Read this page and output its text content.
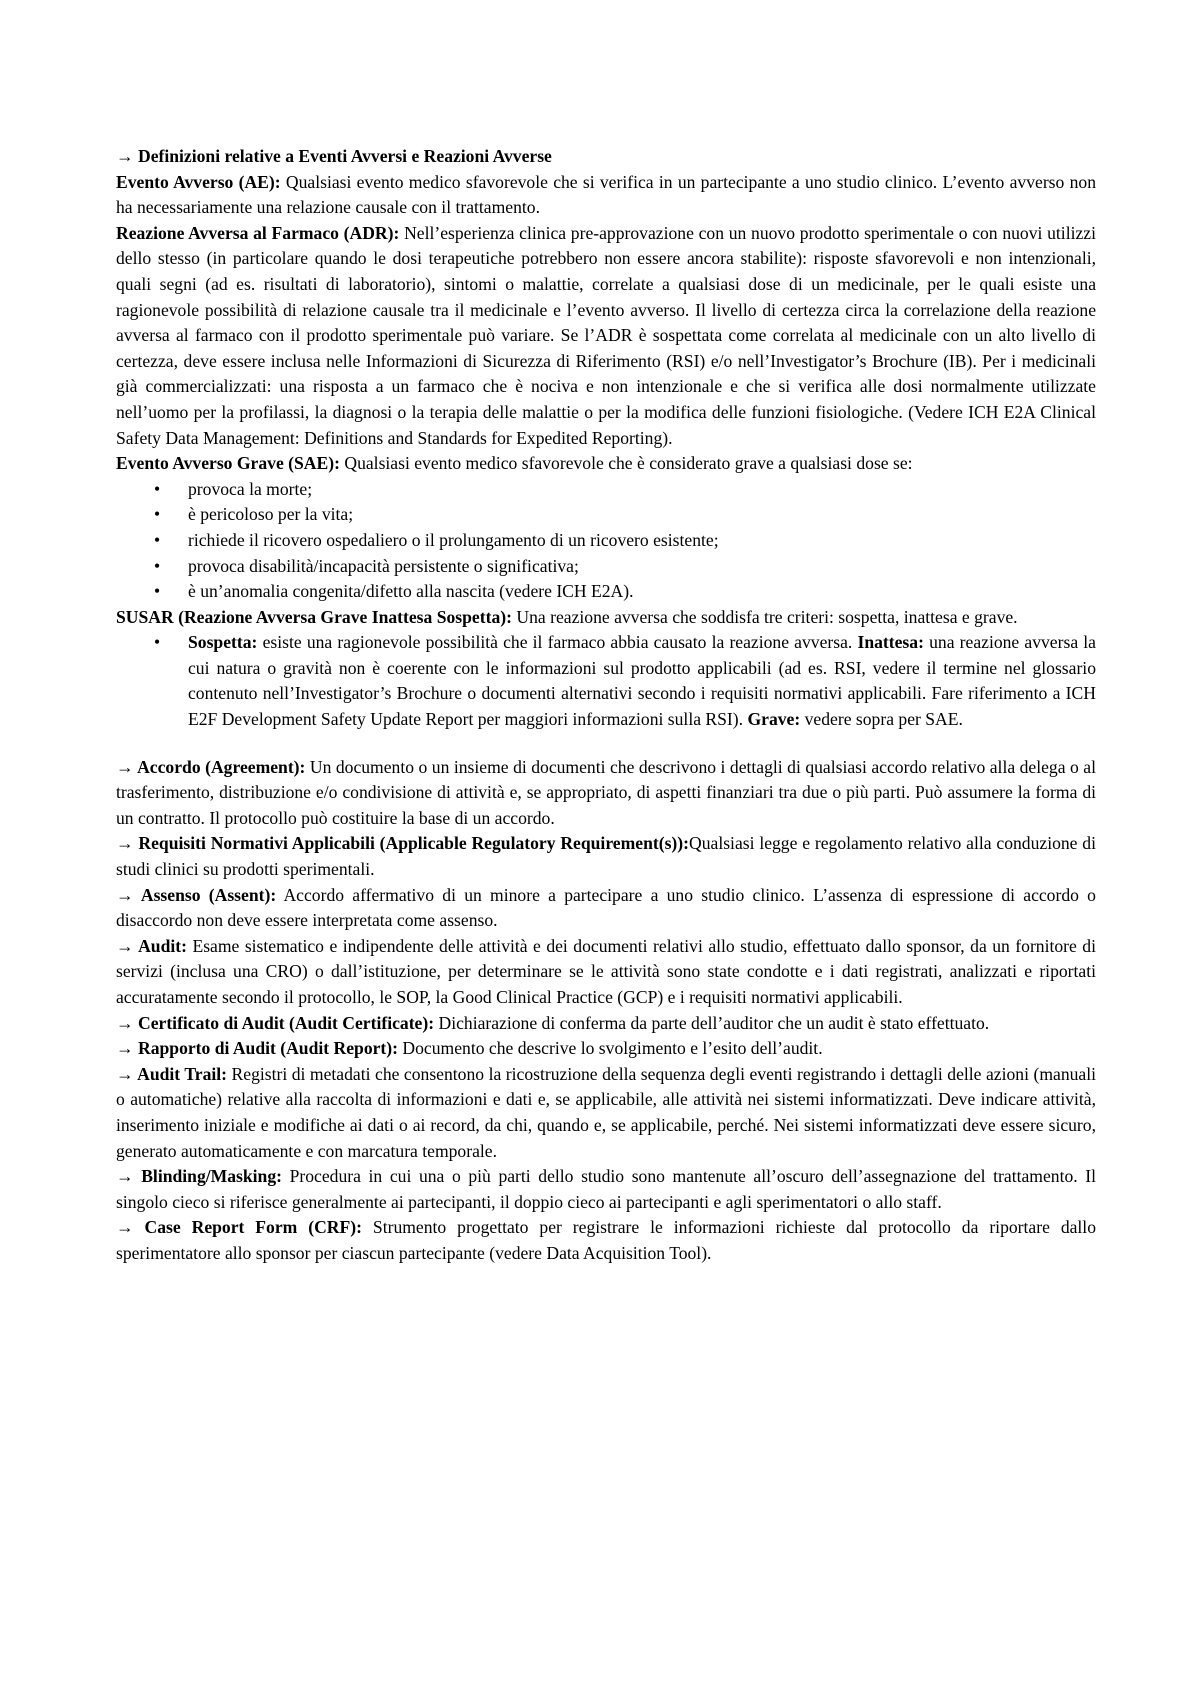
→ Definizioni relative a Eventi Avversi e Reazioni Avverse

Evento Avverso (AE): Qualsiasi evento medico sfavorevole che si verifica in un partecipante a uno studio clinico. L’evento avverso non ha necessariamente una relazione causale con il trattamento.

Reazione Avversa al Farmaco (ADR): Nell’esperienza clinica pre-approvazione con un nuovo prodotto sperimentale o con nuovi utilizzi dello stesso (in particolare quando le dosi terapeutiche potrebbero non essere ancora stabilite): risposte sfavorevoli e non intenzionali, quali segni (ad es. risultati di laboratorio), sintomi o malattie, correlate a qualsiasi dose di un medicinale, per le quali esiste una ragionevole possibilità di relazione causale tra il medicinale e l’evento avverso. Il livello di certezza circa la correlazione della reazione avversa al farmaco con il prodotto sperimentale può variare. Se l’ADR è sospettata come correlata al medicinale con un alto livello di certezza, deve essere inclusa nelle Informazioni di Sicurezza di Riferimento (RSI) e/o nell’Investigator’s Brochure (IB). Per i medicinali già commercializzati: una risposta a un farmaco che è nociva e non intenzionale e che si verifica alle dosi normalmente utilizzate nell’uomo per la profilassi, la diagnosi o la terapia delle malattie o per la modifica delle funzioni fisiologiche. (Vedere ICH E2A Clinical Safety Data Management: Definitions and Standards for Expedited Reporting).

Evento Avverso Grave (SAE): Qualsiasi evento medico sfavorevole che è considerato grave a qualsiasi dose se:

• provoca la morte;
• è pericoloso per la vita;
• richiede il ricovero ospedaliero o il prolungamento di un ricovero esistente;
• provoca disabilità/incapacità persistente o significativa;
• è un’anomalia congenita/difetto alla nascita (vedere ICH E2A).

SUSAR (Reazione Avversa Grave Inattesa Sospetta): Una reazione avversa che soddisfa tre criteri: sospetta, inattesa e grave.

• Sospetta: esiste una ragionevole possibilità che il farmaco abbia causato la reazione avversa. Inattesa: una reazione avversa la cui natura o gravità non è coerente con le informazioni sul prodotto applicabili (ad es. RSI, vedere il termine nel glossario contenuto nell’Investigator’s Brochure o documenti alternativi secondo i requisiti normativi applicabili. Fare riferimento a ICH E2F Development Safety Update Report per maggiori informazioni sulla RSI). Grave: vedere sopra per SAE.

→ Accordo (Agreement): Un documento o un insieme di documenti che descrivono i dettagli di qualsiasi accordo relativo alla delega o al trasferimento, distribuzione e/o condivisione di attività e, se appropriato, di aspetti finanziari tra due o più parti. Può assumere la forma di un contratto. Il protocollo può costituire la base di un accordo.

→ Requisiti Normativi Applicabili (Applicable Regulatory Requirement(s)):Qualsiasi legge e regolamento relativo alla conduzione di studi clinici su prodotti sperimentali.

→ Assenso (Assent): Accordo affermativo di un minore a partecipare a uno studio clinico. L’assenza di espressione di accordo o disaccordo non deve essere interpretata come assenso.

→ Audit: Esame sistematico e indipendente delle attività e dei documenti relativi allo studio, effettuato dallo sponsor, da un fornitore di servizi (inclusa una CRO) o dall’istituzione, per determinare se le attività sono state condotte e i dati registrati, analizzati e riportati accuratamente secondo il protocollo, le SOP, la Good Clinical Practice (GCP) e i requisiti normativi applicabili.

→ Certificato di Audit (Audit Certificate): Dichiarazione di conferma da parte dell’auditor che un audit è stato effettuato.

→ Rapporto di Audit (Audit Report): Documento che descrive lo svolgimento e l’esito dell’audit.

→ Audit Trail: Registri di metadati che consentono la ricostruzione della sequenza degli eventi registrando i dettagli delle azioni (manuali o automatiche) relative alla raccolta di informazioni e dati e, se applicabile, alle attività nei sistemi informatizzati. Deve indicare attività, inserimento iniziale e modifiche ai dati o ai record, da chi, quando e, se applicabile, perché. Nei sistemi informatizzati deve essere sicuro, generato automaticamente e con marcatura temporale.

→ Blinding/Masking: Procedura in cui una o più parti dello studio sono mantenute all’oscuro dell’assegnazione del trattamento. Il singolo cieco si riferisce generalmente ai partecipanti, il doppio cieco ai partecipanti e agli sperimentatori o allo staff.

→ Case Report Form (CRF): Strumento progettato per registrare le informazioni richieste dal protocollo da riportare dallo sperimentatore allo sponsor per ciascun partecipante (vedere Data Acquisition Tool).
